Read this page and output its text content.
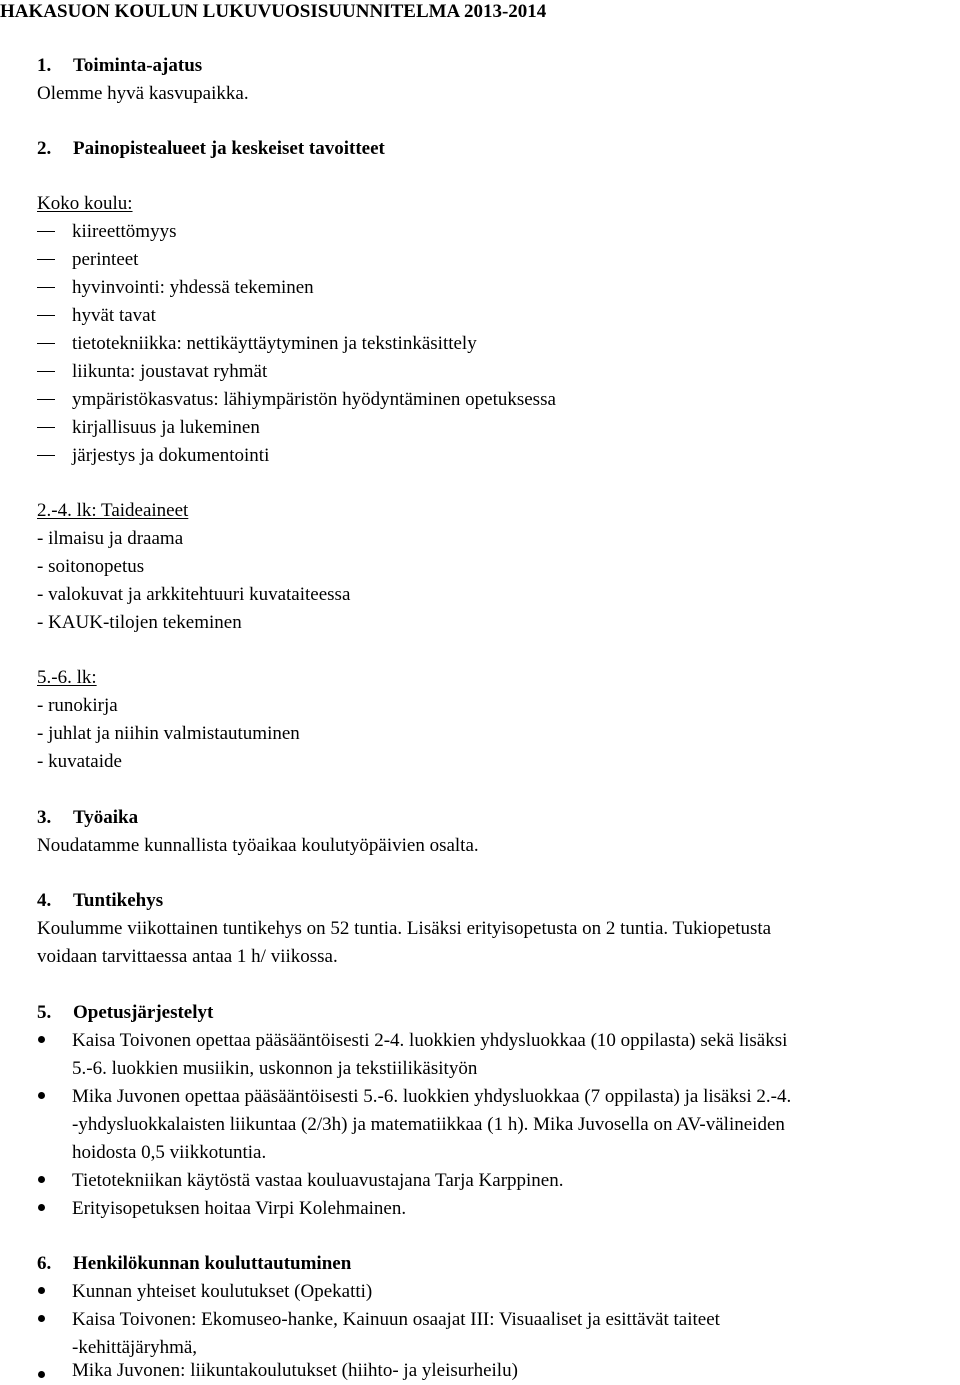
HAKASUON KOULUN LUKUVUOSISUUNNITELMA 2013-2014
1. Toiminta-ajatus
Olemme hyvä kasvupaikka.
2. Painopistealueet ja keskeiset tavoitteet
Koko koulu:
kiireettömyys
perinteet
hyvinvointi: yhdessä tekeminen
hyvät tavat
tietotekniikka: nettikäyttäytyminen ja tekstinkäsittely
liikunta: joustavat ryhmät
ympäristökasvatus: lähiympäristön hyödyntäminen opetuksessa
kirjallisuus ja lukeminen
järjestys ja dokumentointi
2.-4. lk: Taideaineet
- ilmaisu ja draama
- soitonopetus
- valokuvat ja arkkitehtuuri kuvataiteessa
- KAUK-tilojen tekeminen
5.-6. lk:
- runokirja
- juhlat ja niihin valmistautuminen
- kuvataide
3. Työaika
Noudatamme kunnallista työaikaa koulutyöpäivien osalta.
4. Tuntikehys
Koulumme viikottainen tuntikehys on 52 tuntia. Lisäksi erityisopetusta on 2 tuntia. Tukiopetusta
voidaan tarvittaessa antaa 1 h/ viikossa.
5. Opetusjärjestelyt
Kaisa Toivonen opettaa pääsääntöisesti 2-4. luokkien yhdysluokkaa (10 oppilasta) sekä lisäksi
5.-6. luokkien musiikin, uskonnon ja tekstiilikäsityön
Mika Juvonen opettaa pääsääntöisesti 5.-6. luokkien yhdysluokkaa (7 oppilasta) ja lisäksi 2.-4.
-yhdysluokkalaisten liikuntaa (2/3h) ja matematiikkaa (1 h). Mika Juvosella on AV-välineiden
hoidosta 0,5 viikkotuntia.
Tietotekniikan käytöstä vastaa kouluavustajana Tarja Karppinen.
Erityisopetuksen hoitaa Virpi Kolehmainen.
6. Henkilökunnan kouluttautuminen
Kunnan yhteiset koulutukset (Opekatti)
Kaisa Toivonen: Ekomuseo-hanke, Kainuun osaajat III: Visuaaliset ja esittävät taiteet
-kehittäjäryhmä,
Mika Juvonen: liikuntakoulutukset (hiihto- ja yleisurheilu)
